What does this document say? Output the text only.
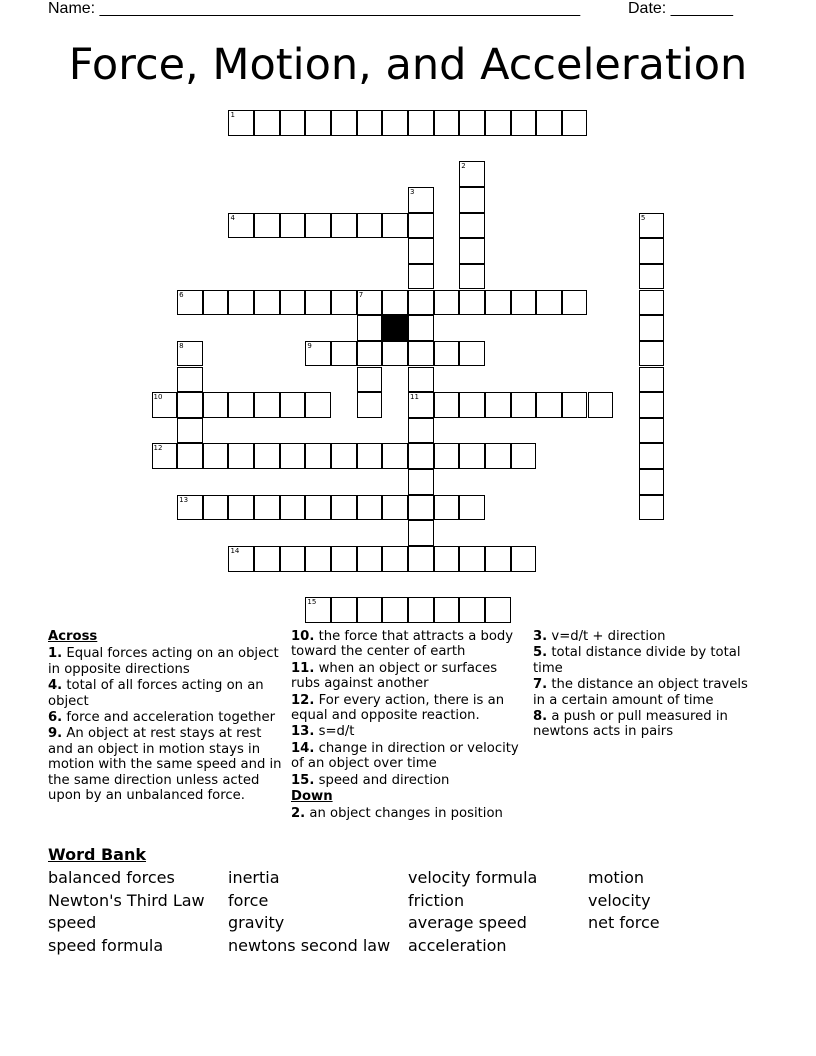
Name: ______________________________________________________	Date: _______
Force, Motion, and Acceleration
1
2
3
11
4	5
6	7
8	9
10
12
13
14
15
Across
1. Equal forces acting on an object in opposite directions
4. total of all forces acting on an object
6. force and acceleration together
9. An object at rest stays at rest and an object in motion stays in motion with the same speed and in the same direction unless acted upon by an unbalanced force.
10. the force that attracts a body toward the center of earth
11. when an object or surfaces rubs against another
12. For every action, there is an equal and opposite reaction.
13. s=d/t
14. change in direction or velocity of an object over time
15. speed and direction
Down
2. an object changes in position
3. v=d/t + direction
5. total distance divide by total time
7. the distance an object travels in a certain amount of time
8. a push or pull measured in newtons acts in pairs
Word Bank
balanced forces
Newton's Third Law
speed
speed formula
inertia
force
gravity
newtons second law
velocity formula
friction
average speed
acceleration
motion
velocity
net force
